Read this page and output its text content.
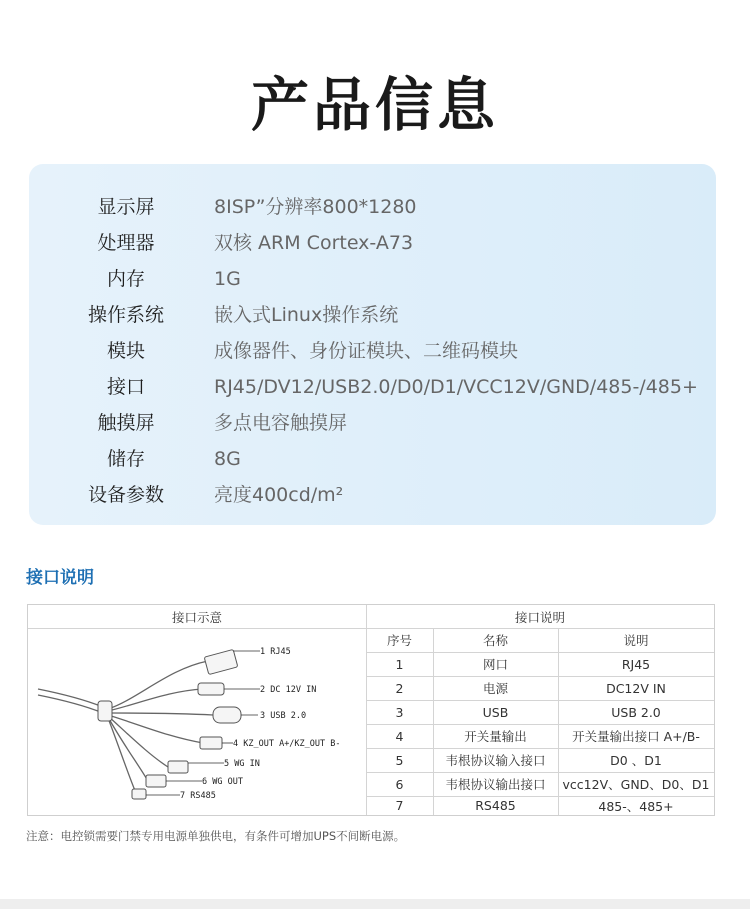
产品信息
显示屏	8ISP”分辨率800*1280
处理器	双核 ARM Cortex-A73
内存	1G
操作系统	嵌入式Linux操作系统
模块	成像器件、身份证模块、二维码模块
接口	RJ45/DV12/USB2.0/D0/D1/VCC12V/GND/485-/485+
触摸屏	多点电容触摸屏
储存	8G
设备参数	亮度400cd/m²
接口说明
接口示意	接口说明
序号	名称	说明
1	网口	RJ45
2	电源	DC12V IN
3	USB	USB 2.0
4	开关量输出	开关量输出接口 A+/B-
5	韦根协议输入接口	D0 、D1
6	韦根协议输出接口	vcc12V、GND、D0、D1
7	RS485	485-、485+
1 RJ45
2 DC 12V IN
3 USB 2.0
4 KZ_OUT A+/KZ_OUT B-
5 WG IN
6 WG OUT
7 RS485
注意：电控锁需要门禁专用电源单独供电，有条件可增加UPS不间断电源。
